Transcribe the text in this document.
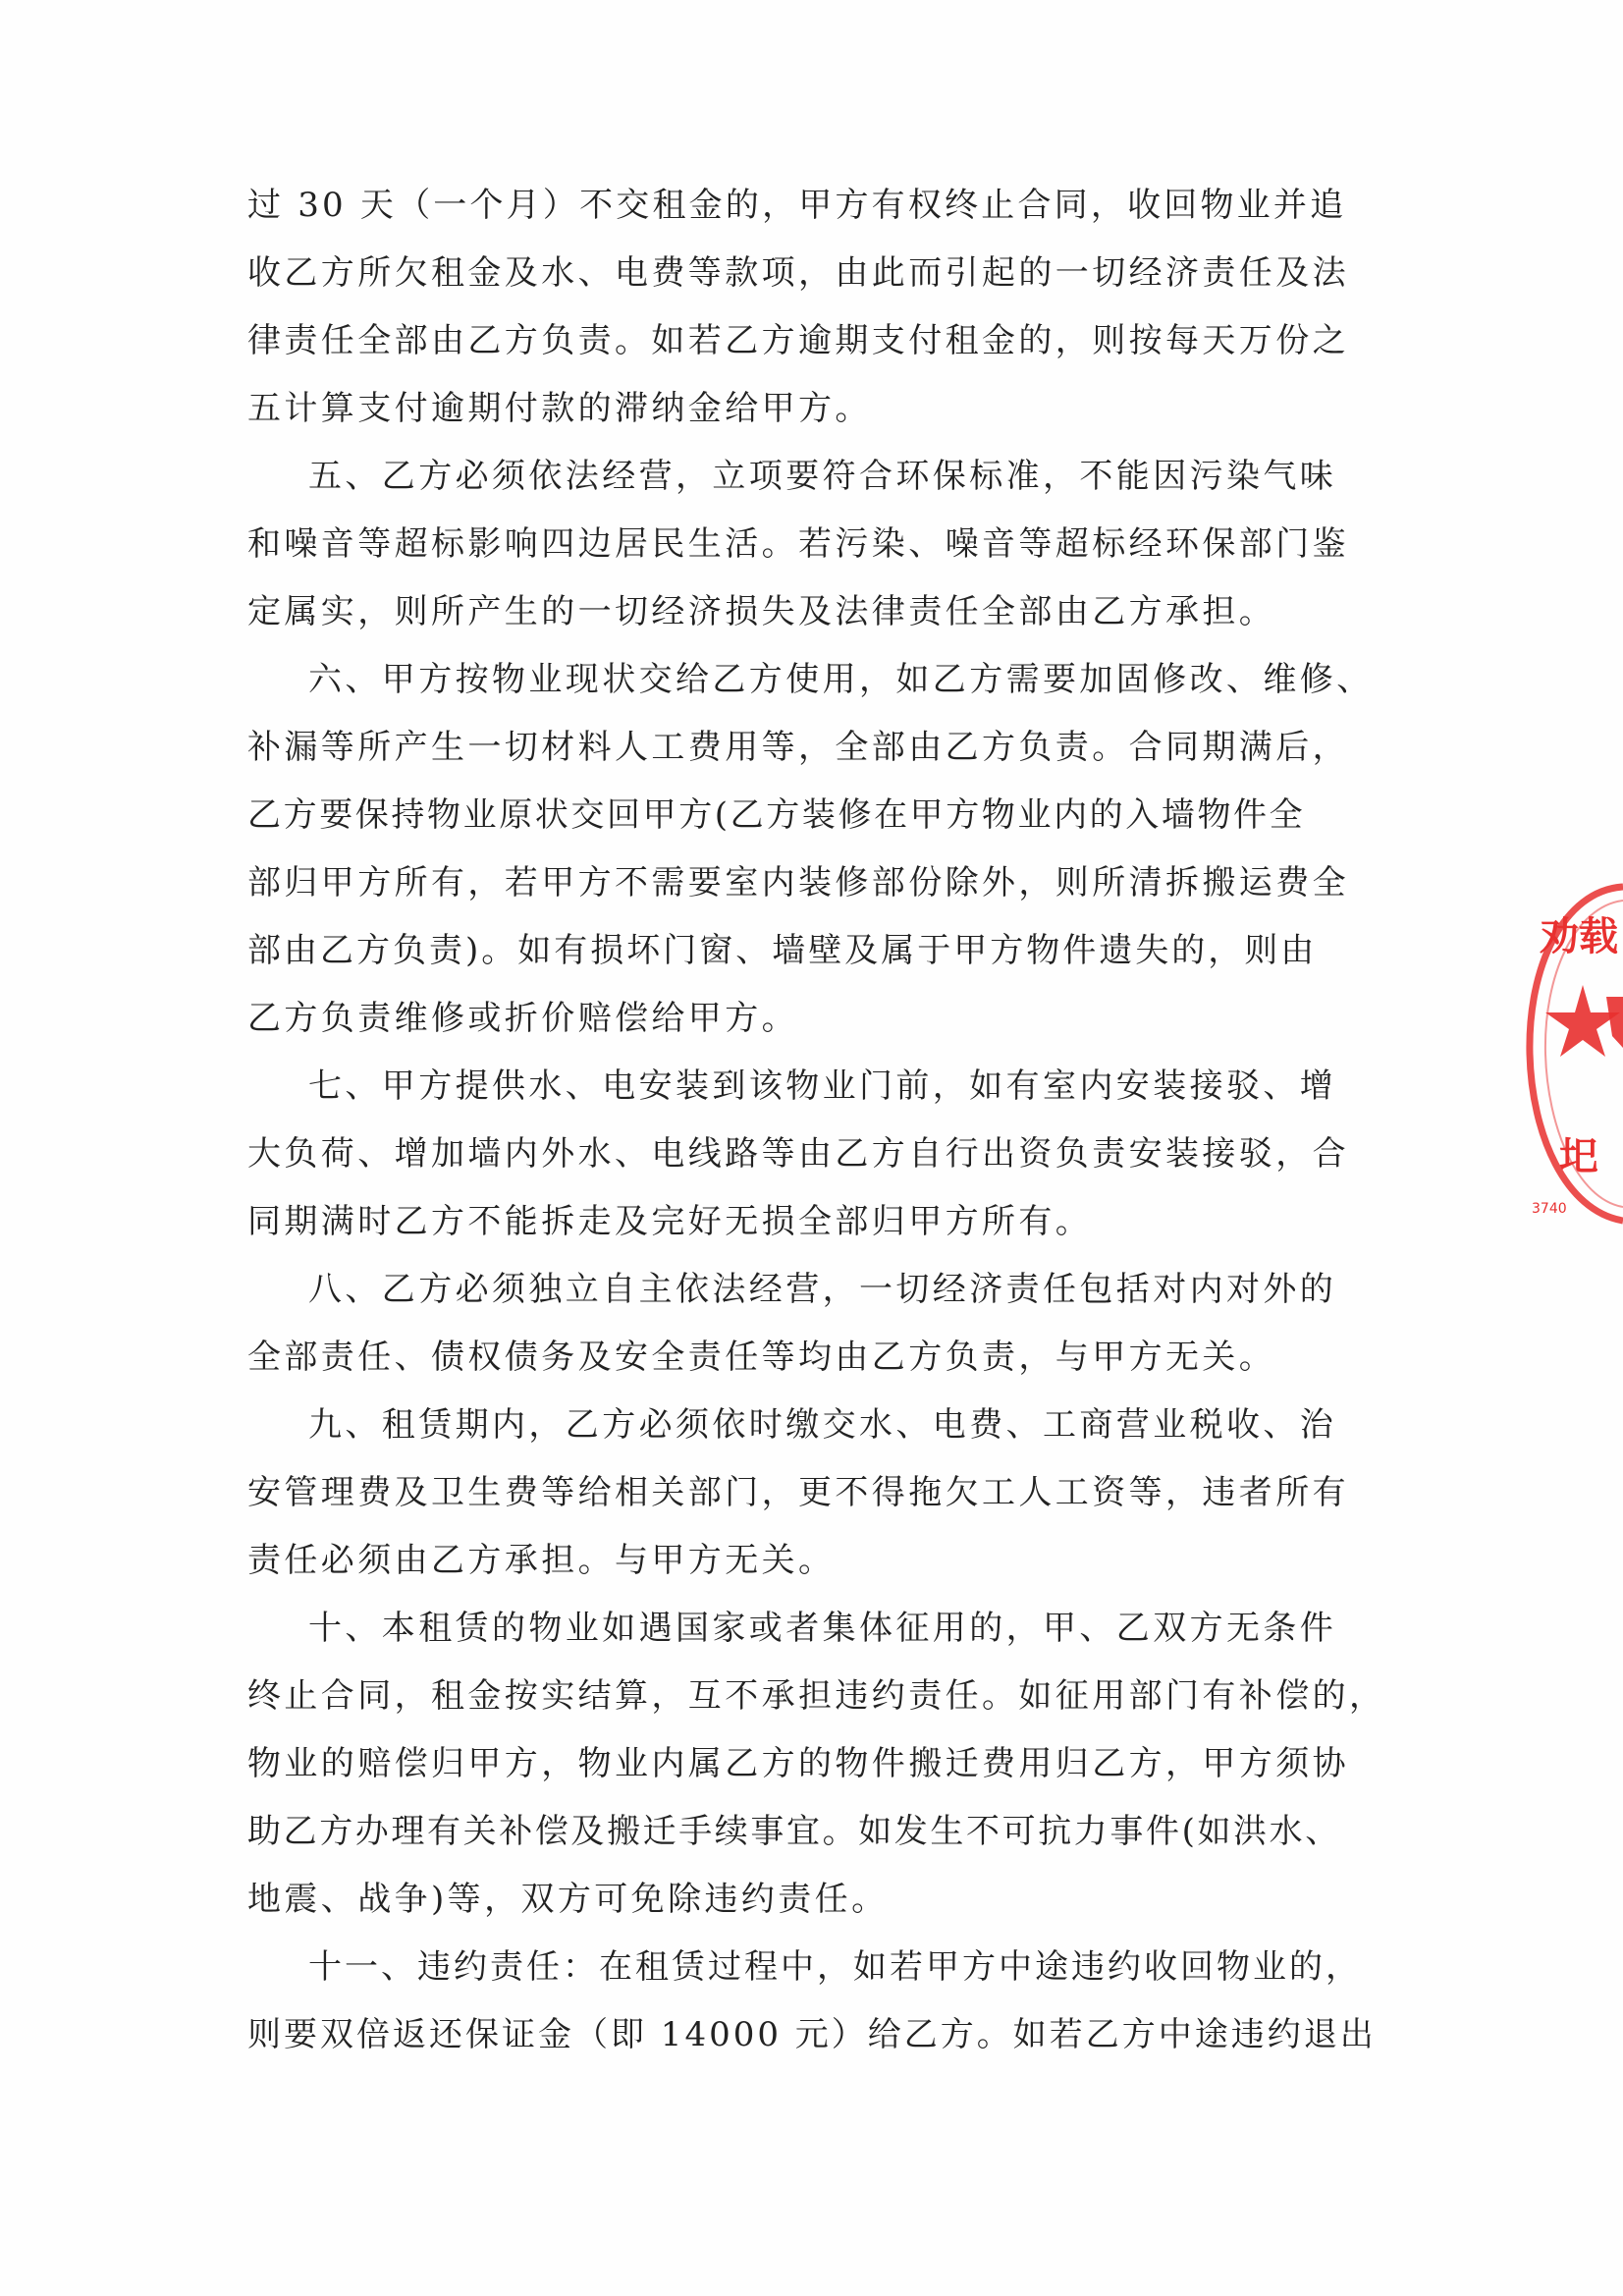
过 30 天（一个月）不交租金的，甲方有权终止合同，收回物业并追
收乙方所欠租金及水、电费等款项，由此而引起的一切经济责任及法
律责任全部由乙方负责。如若乙方逾期支付租金的，则按每天万份之
五计算支付逾期付款的滞纳金给甲方。
五、乙方必须依法经营，立项要符合环保标准，不能因污染气味
和噪音等超标影响四边居民生活。若污染、噪音等超标经环保部门鉴
定属实，则所产生的一切经济损失及法律责任全部由乙方承担。
六、甲方按物业现状交给乙方使用，如乙方需要加固修改、维修、
补漏等所产生一切材料人工费用等，全部由乙方负责。合同期满后，
乙方要保持物业原状交回甲方(乙方装修在甲方物业内的入墙物件全
部归甲方所有，若甲方不需要室内装修部份除外，则所清拆搬运费全
部由乙方负责)。如有损坏门窗、墙壁及属于甲方物件遗失的，则由
乙方负责维修或折价赔偿给甲方。
七、甲方提供水、电安装到该物业门前，如有室内安装接驳、增
大负荷、增加墙内外水、电线路等由乙方自行出资负责安装接驳，合
同期满时乙方不能拆走及完好无损全部归甲方所有。
八、乙方必须独立自主依法经营，一切经济责任包括对内对外的
全部责任、债权债务及安全责任等均由乙方负责，与甲方无关。
九、租赁期内，乙方必须依时缴交水、电费、工商营业税收、治
安管理费及卫生费等给相关部门，更不得拖欠工人工资等，违者所有
责任必须由乙方承担。与甲方无关。
十、本租赁的物业如遇国家或者集体征用的，甲、乙双方无条件
终止合同，租金按实结算，互不承担违约责任。如征用部门有补偿的，
物业的赔偿归甲方，物业内属乙方的物件搬迁费用归乙方，甲方须协
助乙方办理有关补偿及搬迁手续事宜。如发生不可抗力事件(如洪水、
地震、战争)等，双方可免除违约责任。
十一、违约责任：在租赁过程中，如若甲方中途违约收回物业的，
则要双倍返还保证金（即 14000 元）给乙方。如若乙方中途违约退出
劝载
圯
3740
